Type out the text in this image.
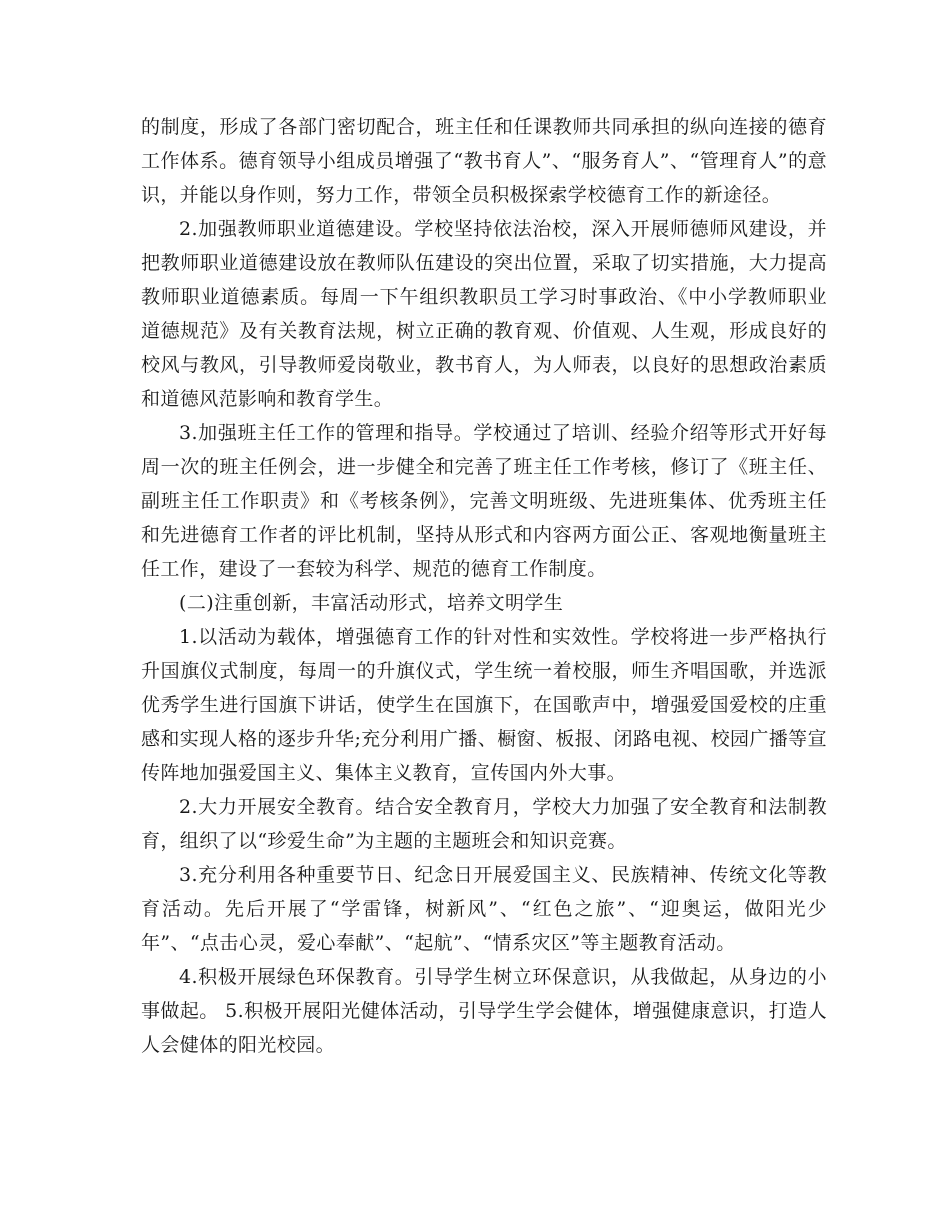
的制度，形成了各部门密切配合，班主任和任课教师共同承担的纵向连接的德育工作体系。德育领导小组成员增强了“教书育人”、“服务育人”、“管理育人”的意识，并能以身作则，努力工作，带领全员积极探索学校德育工作的新途径。

2.加强教师职业道德建设。学校坚持依法治校，深入开展师德师风建设，并把教师职业道德建设放在教师队伍建设的突出位置，采取了切实措施，大力提高教师职业道德素质。每周一下午组织教职员工学习时事政治、《中小学教师职业道德规范》及有关教育法规，树立正确的教育观、价值观、人生观，形成良好的校风与教风，引导教师爱岗敬业，教书育人，为人师表，以良好的思想政治素质和道德风范影响和教育学生。

3.加强班主任工作的管理和指导。学校通过了培训、经验介绍等形式开好每周一次的班主任例会，进一步健全和完善了班主任工作考核，修订了《班主任、副班主任工作职责》和《考核条例》，完善文明班级、先进班集体、优秀班主任和先进德育工作者的评比机制，坚持从形式和内容两方面公正、客观地衡量班主任工作，建设了一套较为科学、规范的德育工作制度。

(二)注重创新，丰富活动形式，培养文明学生

1.以活动为载体，增强德育工作的针对性和实效性。学校将进一步严格执行升国旗仪式制度，每周一的升旗仪式，学生统一着校服，师生齐唱国歌，并选派优秀学生进行国旗下讲话，使学生在国旗下，在国歌声中，增强爱国爱校的庄重感和实现人格的逐步升华;充分利用广播、橱窗、板报、闭路电视、校园广播等宣传阵地加强爱国主义、集体主义教育，宣传国内外大事。

2.大力开展安全教育。结合安全教育月，学校大力加强了安全教育和法制教育，组织了以“珍爱生命”为主题的主题班会和知识竞赛。

3.充分利用各种重要节日、纪念日开展爱国主义、民族精神、传统文化等教育活动。先后开展了“学雷锋，树新风”、“红色之旅”、“迎奥运，做阳光少年”、“点击心灵，爱心奉献”、“起航”、“情系灾区”等主题教育活动。

4.积极开展绿色环保教育。引导学生树立环保意识，从我做起，从身边的小事做起。 5.积极开展阳光健体活动，引导学生学会健体，增强健康意识，打造人人会健体的阳光校园。
